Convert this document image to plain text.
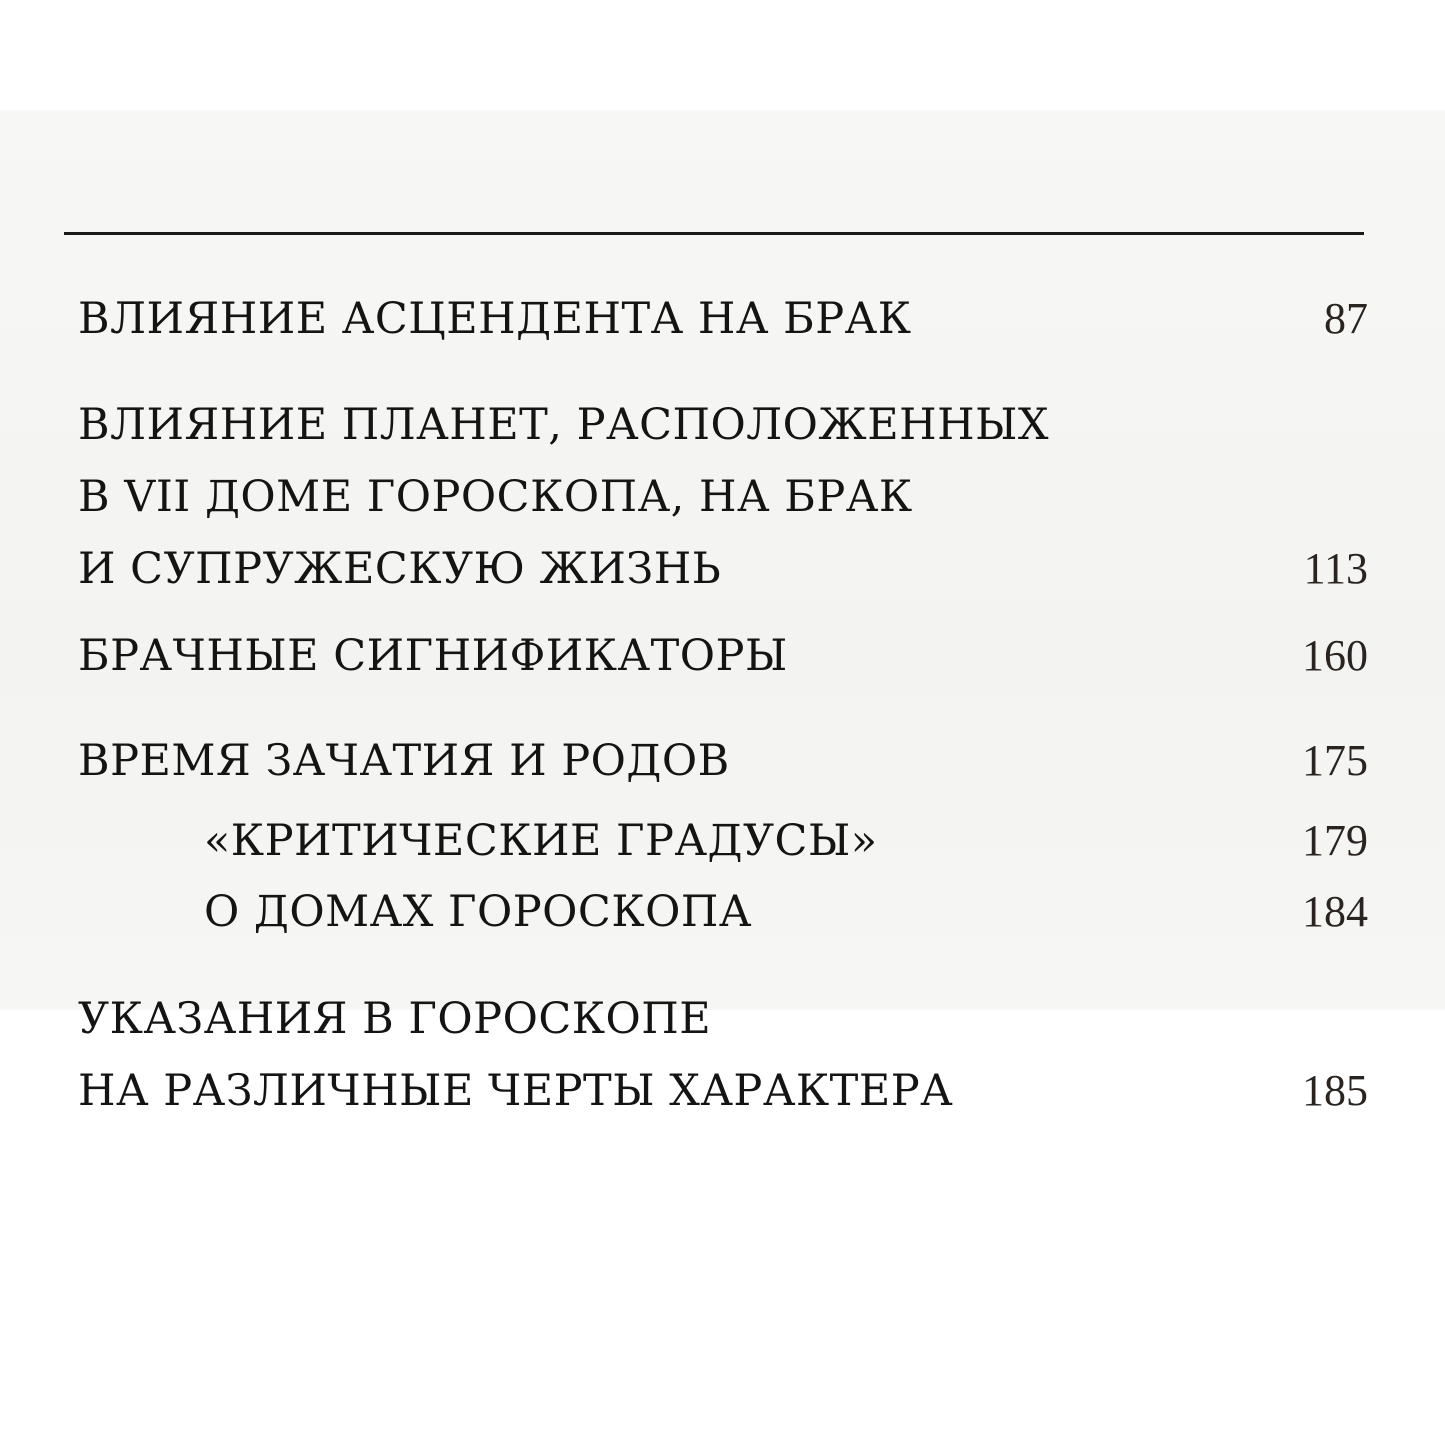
ВЛИЯНИЕ АСЦЕНДЕНТА НА БРАК	87
ВЛИЯНИЕ ПЛАНЕТ, РАСПОЛОЖЕННЫХ
В VII ДОМЕ ГОРОСКОПА, НА БРАК
И СУПРУЖЕСКУЮ ЖИЗНЬ	113
БРАЧНЫЕ СИГНИФИКАТОРЫ	160
ВРЕМЯ ЗАЧАТИЯ И РОДОВ	175
«КРИТИЧЕСКИЕ ГРАДУСЫ»	179
О ДОМАХ ГОРОСКОПА	184
УКАЗАНИЯ В ГОРОСКОПЕ
НА РАЗЛИЧНЫЕ ЧЕРТЫ ХАРАКТЕРА	185
